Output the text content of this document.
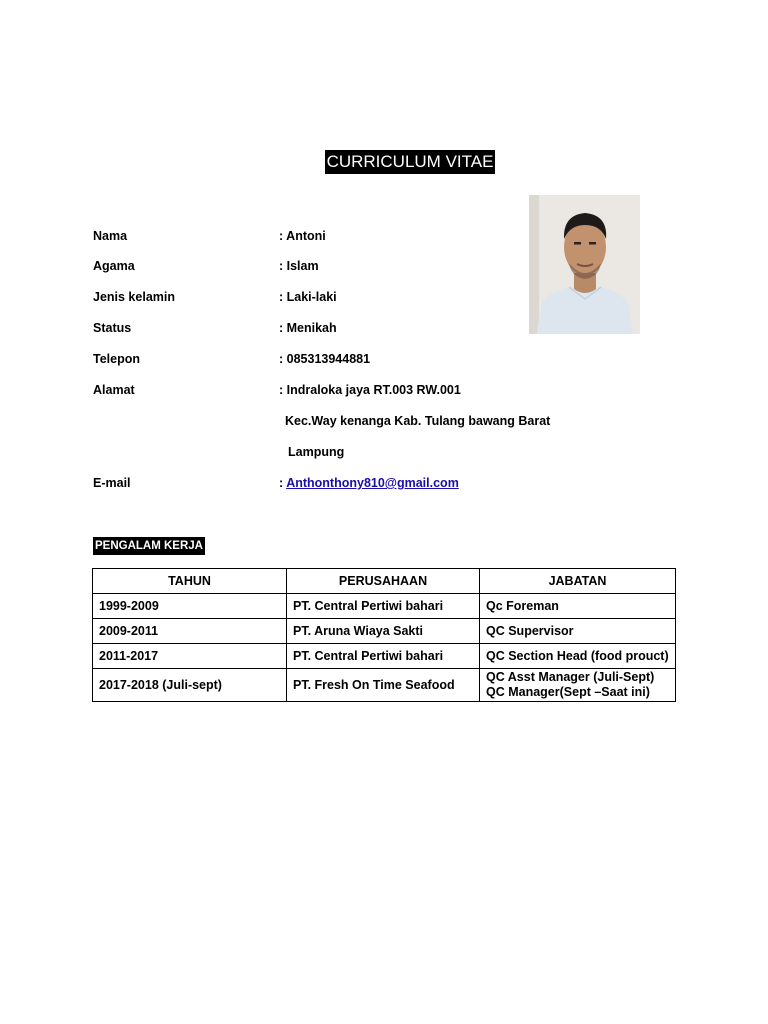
CURRICULUM VITAE
Nama	: Antoni
Agama	: Islam
Jenis kelamin	: Laki-laki
Status	: Menikah
Telepon	: 085313944881
Alamat	: Indraloka jaya RT.003 RW.001
Kec.Way kenanga Kab. Tulang bawang Barat
Lampung
E-mail	: Anthonthony810@gmail.com
PENGALAM KERJA
TAHUN	PERUSAHAAN	JABATAN
1999-2009	PT. Central Pertiwi bahari	Qc Foreman
2009-2011	PT. Aruna Wiaya Sakti	QC Supervisor
2011-2017	PT. Central Pertiwi bahari	QC Section Head (food prouct)
2017-2018 (Juli-sept)	PT. Fresh On Time Seafood	QC Asst Manager (Juli-Sept)
QC Manager(Sept –Saat ini)
